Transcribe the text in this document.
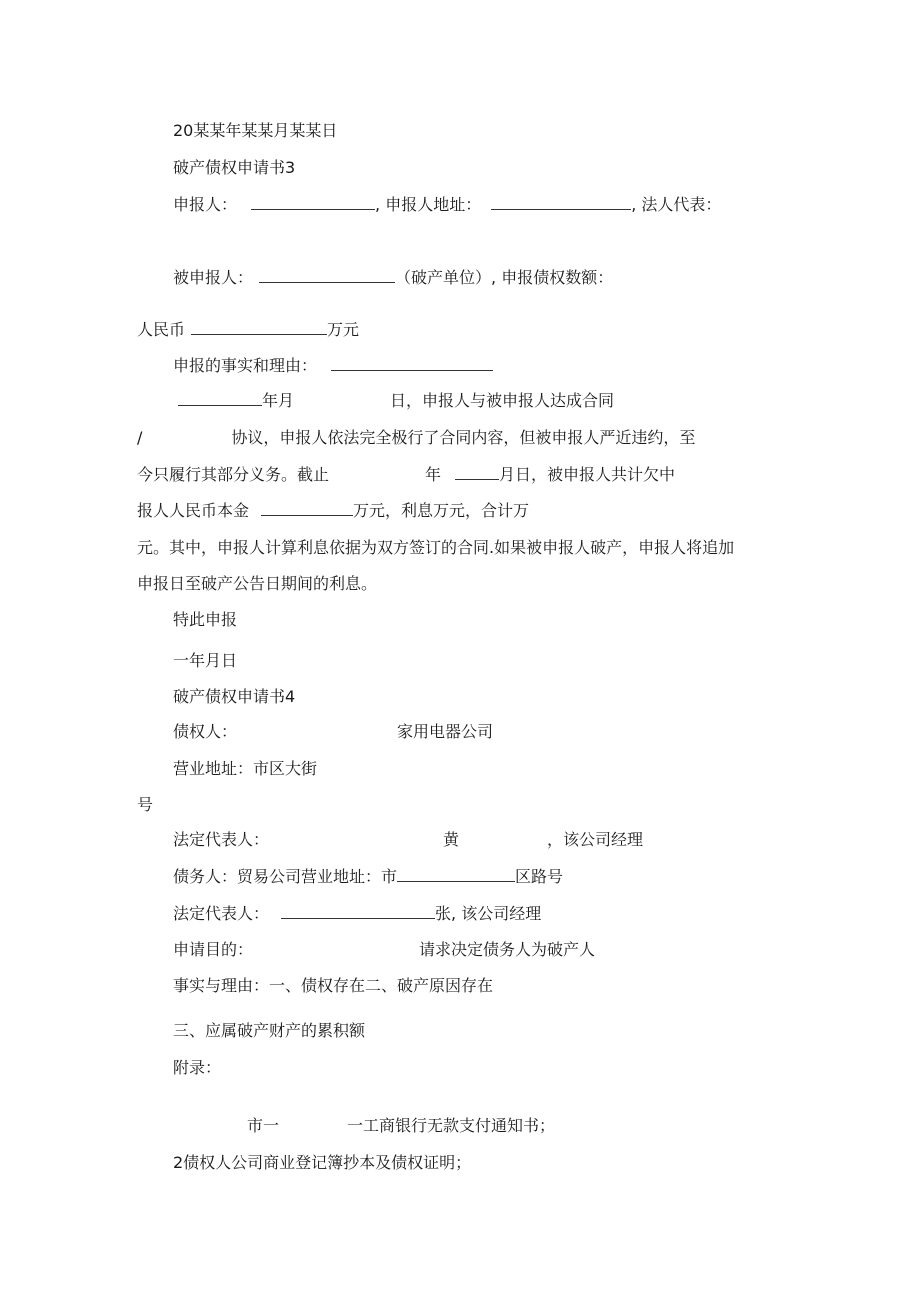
20某某年某某月某某日
破产债权申请书3
申报人：	, 申报人地址：	, 法人代表：
被申报人：	（破产单位）, 申报债权数额：
人民币	万元
申报的事实和理由：
年月	日，申报人与被申报人达成合同
/	协议，申报人依法完全极行了合同内容，但被申报人严近违约，至
今只履行其部分义务。截止	年	月日，被申报人共计欠中
报人人民币本金	万元，利息万元，合计万
元。其中，申报人计算利息依据为双方签订的合同.如果被申报人破产，申报人将追加
申报日至破产公告日期间的利息。
特此申报
一年月日
破产债权申请书4
债权人：	家用电器公司
营业地址：市区大街
号
法定代表人：	黄	，该公司经理
债务人：贸易公司营业地址：市	区路号
法定代表人：	张, 该公司经理
申请目的：	请求决定债务人为破产人
事实与理由：一、债权存在二、破产原因存在
三、应属破产财产的累积额
附录：
市一	一工商银行无款支付通知书；
2债权人公司商业登记簿抄本及债权证明；
